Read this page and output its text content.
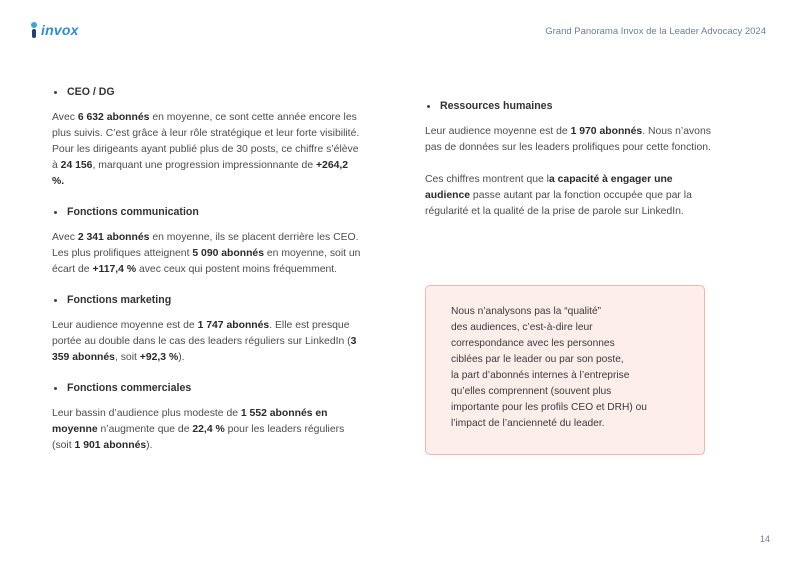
invox	Grand Panorama Invox de la Leader Advocacy 2024
CEO / DG

Avec 6 632 abonnés en moyenne, ce sont cette année encore les plus suivis. C’est grâce à leur rôle stratégique et leur forte visibilité. Pour les dirigeants ayant publié plus de 30 posts, ce chiffre s’élève à 24 156, marquant une progression impressionnante de +264,2 %.

Fonctions communication

Avec 2 341 abonnés en moyenne, ils se placent derrière les CEO. Les plus prolifiques atteignent 5 090 abonnés en moyenne, soit un écart de +117,4 % avec ceux qui postent moins fréquemment.

Fonctions marketing

Leur audience moyenne est de 1 747 abonnés. Elle est presque portée au double dans le cas des leaders réguliers sur LinkedIn (3 359 abonnés, soit +92,3 %).

Fonctions commerciales

Leur bassin d’audience plus modeste de 1 552 abonnés en moyenne n’augmente que de 22,4 % pour les leaders réguliers (soit 1 901 abonnés).

Ressources humaines

Leur audience moyenne est de 1 970 abonnés. Nous n’avons pas de données sur les leaders prolifiques pour cette fonction.

Ces chiffres montrent que la capacité à engager une audience passe autant par la fonction occupée que par la régularité et la qualité de la prise de parole sur LinkedIn.

Nous n’analysons pas la “qualité”

des audiences, c’est-à-dire leur

correspondance avec les personnes

ciblées par le leader ou par son poste,

la part d’abonnés internes à l’entreprise

qu’elles comprennent (souvent plus

importante pour les profils CEO et DRH) ou

l’impact de l’ancienneté du leader.

14
